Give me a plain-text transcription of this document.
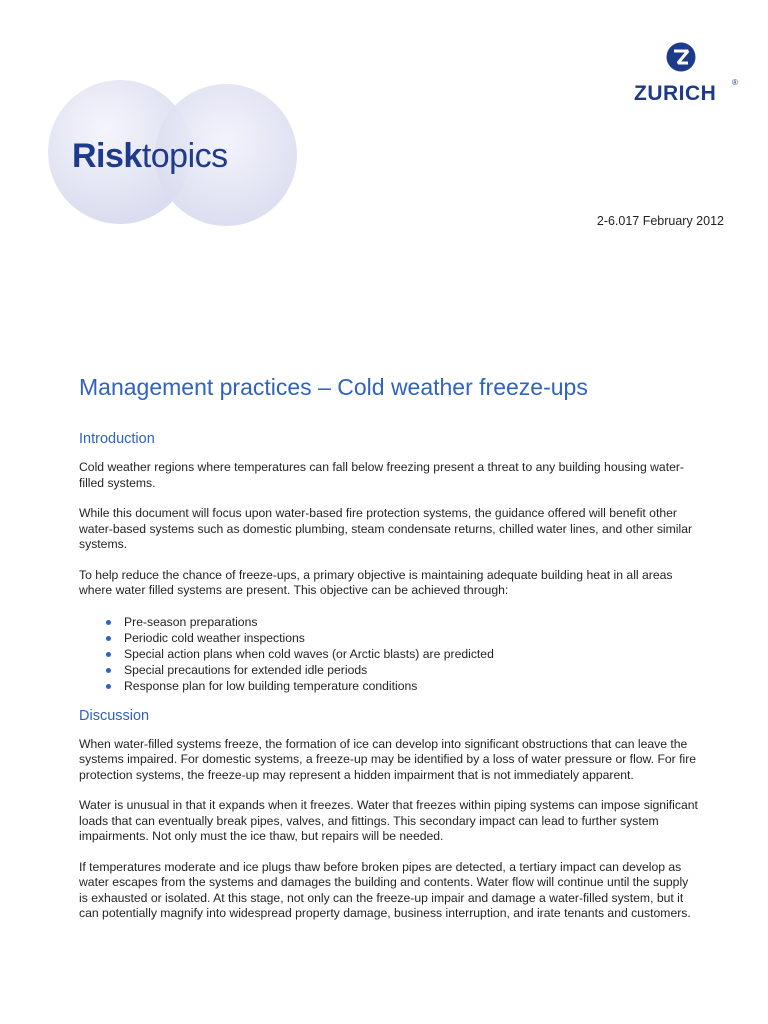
Risktopics
ZURICH ®
2-6.017 February 2012
Management practices – Cold weather freeze-ups
Introduction

Cold weather regions where temperatures can fall below freezing present a threat to any building housing water-filled systems.

While this document will focus upon water-based fire protection systems, the guidance offered will benefit other water-based systems such as domestic plumbing, steam condensate returns, chilled water lines, and other similar systems.

To help reduce the chance of freeze-ups, a primary objective is maintaining adequate building heat in all areas where water filled systems are present. This objective can be achieved through:

Pre-season preparations
Periodic cold weather inspections
Special action plans when cold waves (or Arctic blasts) are predicted
Special precautions for extended idle periods
Response plan for low building temperature conditions
Discussion

When water-filled systems freeze, the formation of ice can develop into significant obstructions that can leave the systems impaired. For domestic systems, a freeze-up may be identified by a loss of water pressure or flow. For fire protection systems, the freeze-up may represent a hidden impairment that is not immediately apparent.

Water is unusual in that it expands when it freezes. Water that freezes within piping systems can impose significant loads that can eventually break pipes, valves, and fittings. This secondary impact can lead to further system impairments. Not only must the ice thaw, but repairs will be needed.

If temperatures moderate and ice plugs thaw before broken pipes are detected, a tertiary impact can develop as water escapes from the systems and damages the building and contents. Water flow will continue until the supply is exhausted or isolated. At this stage, not only can the freeze-up impair and damage a water-filled system, but it can potentially magnify into widespread property damage, business interruption, and irate tenants and customers.
